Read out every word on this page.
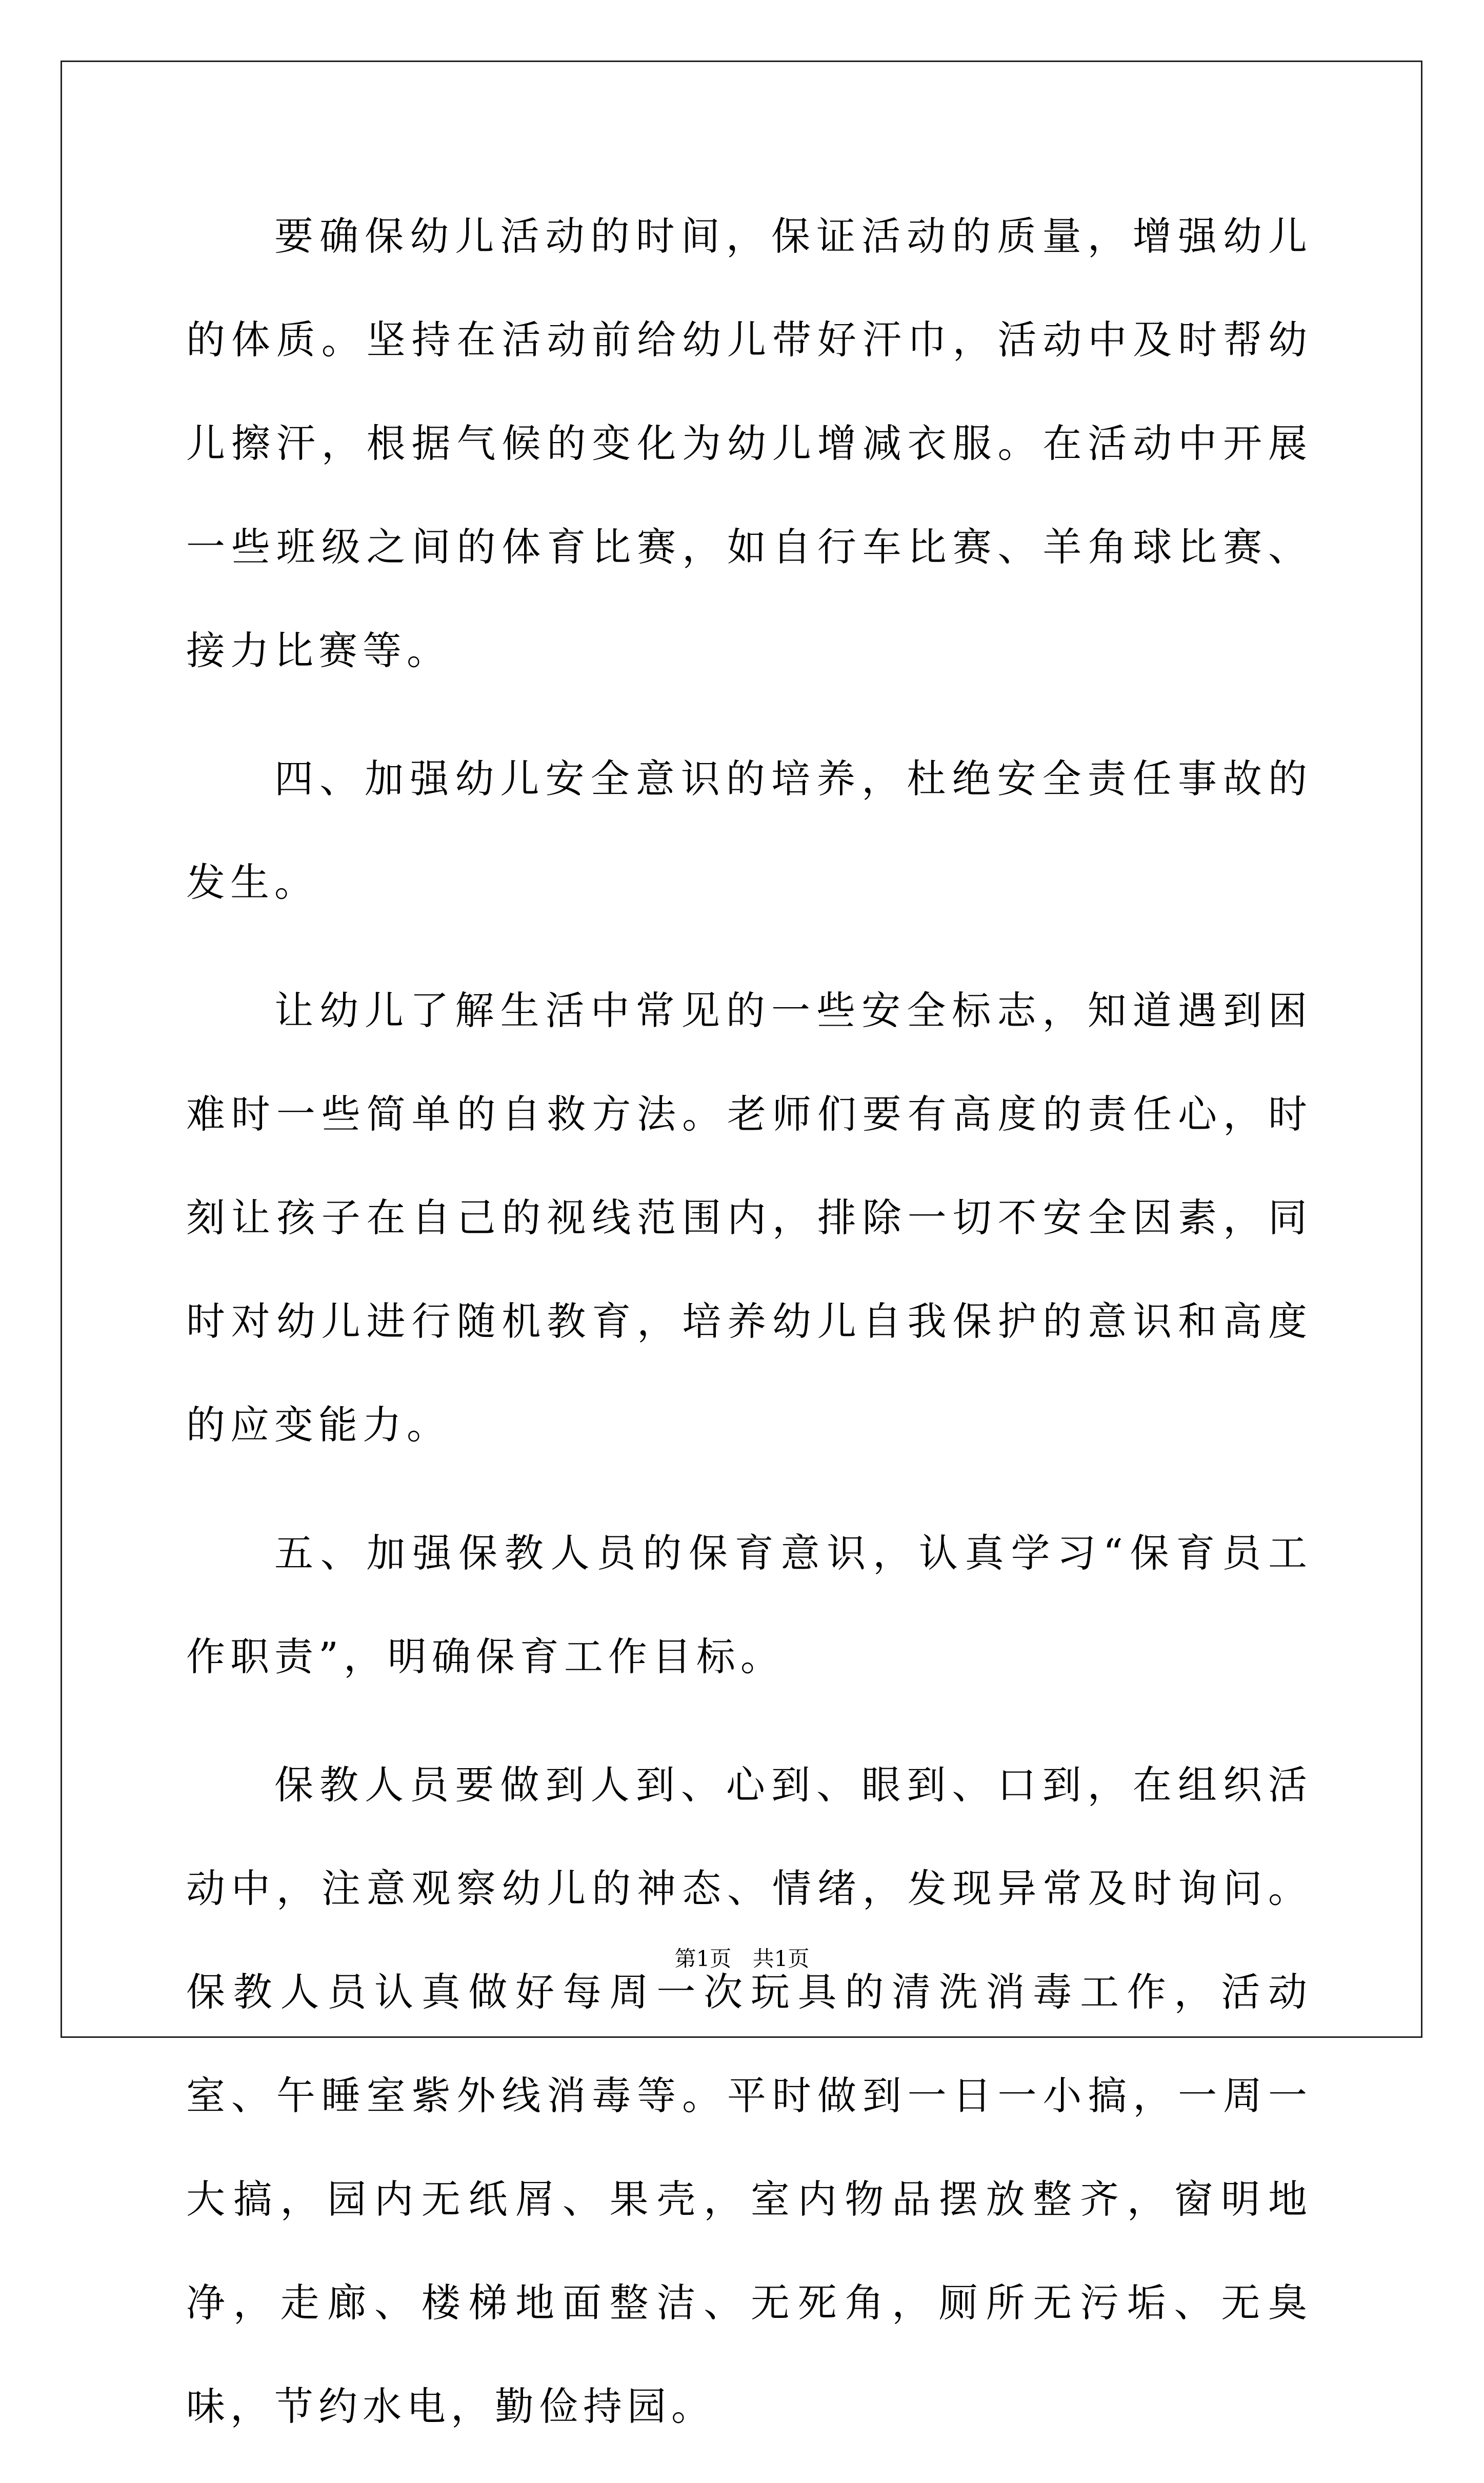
要确保幼儿活动的时间，保证活动的质量，增强幼儿的体质。坚持在活动前给幼儿带好汗巾，活动中及时帮幼儿擦汗，根据气候的变化为幼儿增减衣服。在活动中开展一些班级之间的体育比赛，如自行车比赛、羊角球比赛、接力比赛等。

四、加强幼儿安全意识的培养，杜绝安全责任事故的发生。

让幼儿了解生活中常见的一些安全标志，知道遇到困难时一些简单的自救方法。老师们要有高度的责任心，时刻让孩子在自己的视线范围内，排除一切不安全因素，同时对幼儿进行随机教育，培养幼儿自我保护的意识和高度的应变能力。

五、加强保教人员的保育意识，认真学习“保育员工作职责”，明确保育工作目标。

保教人员要做到人到、心到、眼到、口到，在组织活动中，注意观察幼儿的神态、情绪，发现异常及时询问。保教人员认真做好每周一次玩具的清洗消毒工作，活动室、午睡室紫外线消毒等。平时做到一日一小搞，一周一大搞，园内无纸屑、果壳，室内物品摆放整齐，窗明地净，走廊、楼梯地面整洁、无死角，厕所无污垢、无臭味，节约水电，勤俭持园。

第1页 共1页
